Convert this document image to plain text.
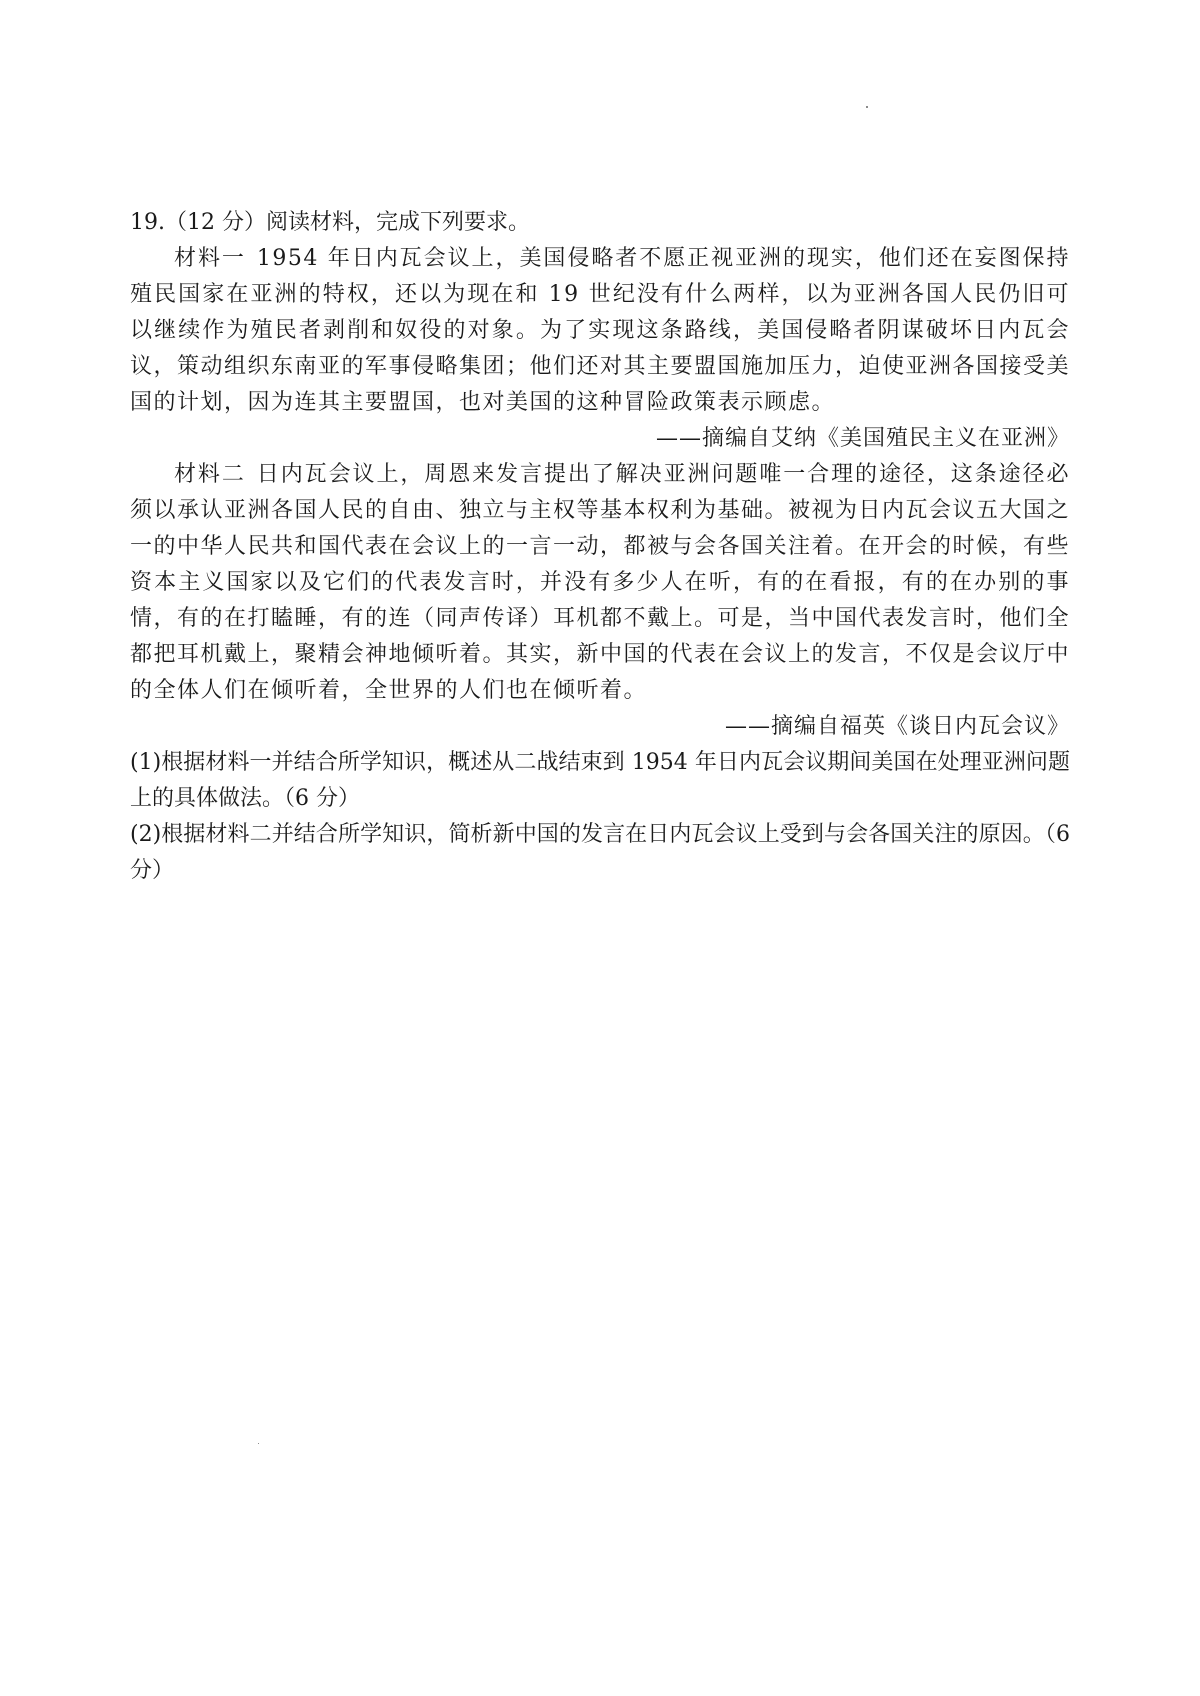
19.（12 分）阅读材料，完成下列要求。

材料一 1954 年日内瓦会议上，美国侵略者不愿正视亚洲的现实，他们还在妄图保持殖民国家在亚洲的特权，还以为现在和 19 世纪没有什么两样，以为亚洲各国人民仍旧可以继续作为殖民者剥削和奴役的对象。为了实现这条路线，美国侵略者阴谋破坏日内瓦会议，策动组织东南亚的军事侵略集团；他们还对其主要盟国施加压力，迫使亚洲各国接受美国的计划，因为连其主要盟国，也对美国的这种冒险政策表示顾虑。

——摘编自艾纳《美国殖民主义在亚洲》

材料二 日内瓦会议上，周恩来发言提出了解决亚洲问题唯一合理的途径，这条途径必须以承认亚洲各国人民的自由、独立与主权等基本权利为基础。被视为日内瓦会议五大国之一的中华人民共和国代表在会议上的一言一动，都被与会各国关注着。在开会的时候，有些资本主义国家以及它们的代表发言时，并没有多少人在听，有的在看报，有的在办别的事情，有的在打瞌睡，有的连（同声传译）耳机都不戴上。可是，当中国代表发言时，他们全都把耳机戴上，聚精会神地倾听着。其实，新中国的代表在会议上的发言，不仅是会议厅中的全体人们在倾听着，全世界的人们也在倾听着。

——摘编自福英《谈日内瓦会议》

(1)根据材料一并结合所学知识，概述从二战结束到 1954 年日内瓦会议期间美国在处理亚洲问题上的具体做法。（6 分）

(2)根据材料二并结合所学知识，简析新中国的发言在日内瓦会议上受到与会各国关注的原因。（6 分）
